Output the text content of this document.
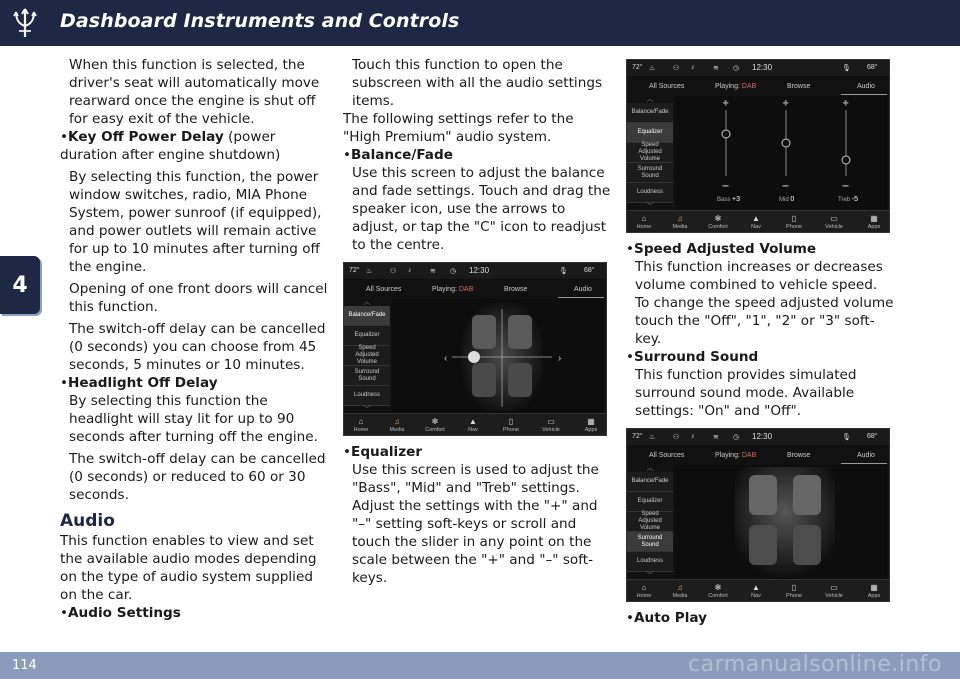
Dashboard Instruments and Controls
4

When this function is selected, the driver's seat will automatically move rearward once the engine is shut off for easy exit of the vehicle.

•Key Off Power Delay (power duration after engine shutdown)

By selecting this function, the power window switches, radio, MIA Phone System, power sunroof (if equipped), and power outlets will remain active for up to 10 minutes after turning off the engine.

Opening of one front doors will cancel this function.

The switch-off delay can be cancelled (0 seconds) you can choose from 45 seconds, 5 minutes or 10 minutes.

•Headlight Off Delay

By selecting this function the headlight will stay lit for up to 90 seconds after turning off the engine.

The switch-off delay can be cancelled (0 seconds) or reduced to 60 or 30 seconds.

Audio

This function enables to view and set the available audio modes depending on the type of audio system supplied on the car.

•Audio Settings

Touch this function to open the subscreen with all the audio settings items.

The following settings refer to the "High Premium" audio system.

•Balance/Fade

Use this screen to adjust the balance and fade settings. Touch and drag the speaker icon, use the arrows to adjust, or tap the "C" icon to readjust to the centre.

•Equalizer

Use this screen is used to adjust the "Bass", "Mid" and "Treb" settings. Adjust the settings with the "+" and "–" setting soft-keys or scroll and touch the slider in any point on the scale between the "+" and "–" soft-keys.

•Speed Adjusted Volume

This function increases or decreases volume combined to vehicle speed.

To change the speed adjusted volume touch the "Off", "1", "2" or "3" soft-key.

•Surround Sound

This function provides simulated surround sound mode. Available settings: "On" and "Off".

•Auto Play

72° ♨	⚇ ♪	≋ ◷ 12:30	🎙 68°
All Sources	Playing: DAB	Browse	Audio
︿
Balance/Fade
Equalizer
Speed Adjusted Volume
Surround Sound
Loudness
﹀
+	+	+
–	–	–
Bass +3	Mid 0	Treb -5
⌂
Home
♫
Media
✻
Comfort
▲
Nav
▯
Phone
▭
Vehicle
▦
Apps
72° ♨	⚇ ♪	≋ ◷ 12:30	🎙 68°
All Sources	Playing: DAB	Browse	Audio
︿
Balance/Fade
Equalizer
Speed Adjusted Volume
Surround Sound
Loudness
﹀
‹	›
⌂
Home
♫
Media
✻
Comfort
▲
Nav
▯
Phone
▭
Vehicle
▦
Apps
72° ♨	⚇ ♪	≋ ◷ 12:30	🎙 68°
All Sources	Playing: DAB	Browse	Audio
︿
Balance/Fade
Equalizer
Speed Adjusted Volume
Surround Sound
Loudness
﹀
⌂
Home
♫
Media
✻
Comfort
▲
Nav
▯
Phone
▭
Vehicle
▦
Apps
114	carmanualsonline.info
